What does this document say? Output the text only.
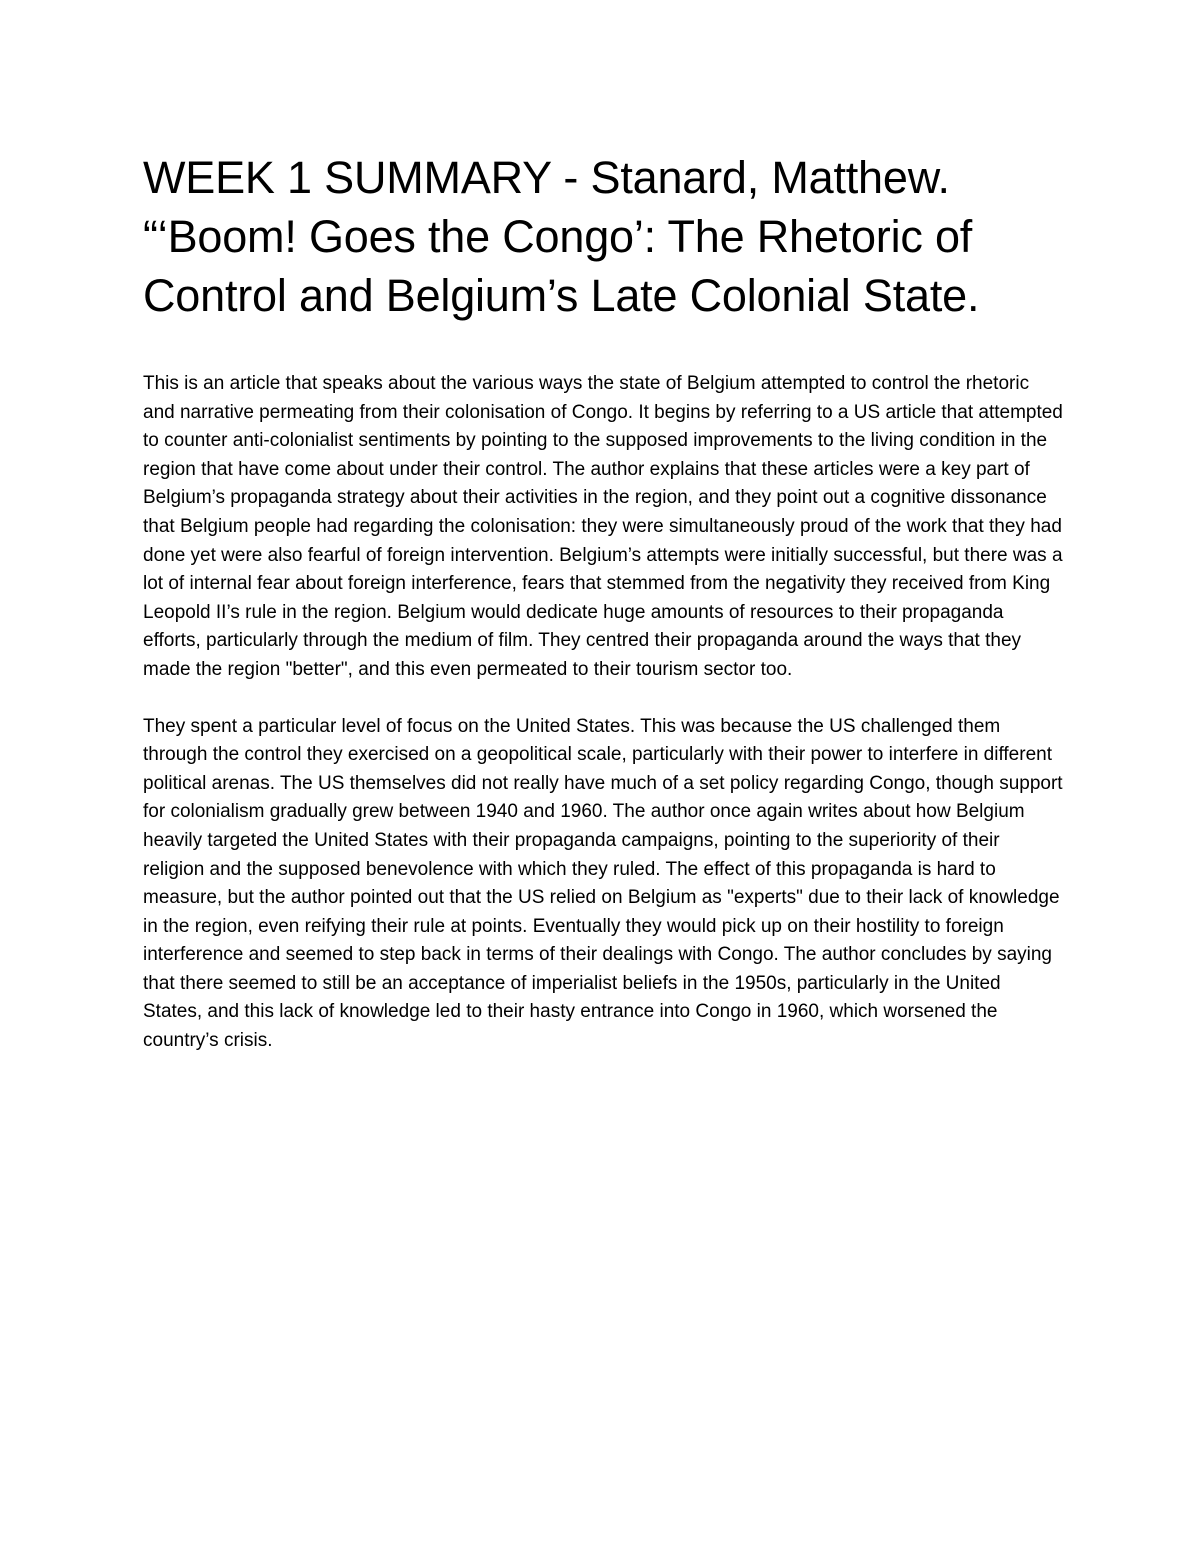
WEEK 1 SUMMARY - Stanard, Matthew. “‘Boom! Goes the Congo’: The Rhetoric of Control and Belgium’s Late Colonial State.

This is an article that speaks about the various ways the state of Belgium attempted to control the rhetoric and narrative permeating from their colonisation of Congo. It begins by referring to a US article that attempted to counter anti-colonialist sentiments by pointing to the supposed improvements to the living condition in the region that have come about under their control. The author explains that these articles were a key part of Belgium’s propaganda strategy about their activities in the region, and they point out a cognitive dissonance that Belgium people had regarding the colonisation: they were simultaneously proud of the work that they had done yet were also fearful of foreign intervention. Belgium’s attempts were initially successful, but there was a lot of internal fear about foreign interference, fears that stemmed from the negativity they received from King Leopold II’s rule in the region. Belgium would dedicate huge amounts of resources to their propaganda efforts, particularly through the medium of film. They centred their propaganda around the ways that they made the region "better", and this even permeated to their tourism sector too.

They spent a particular level of focus on the United States. This was because the US challenged them through the control they exercised on a geopolitical scale, particularly with their power to interfere in different political arenas. The US themselves did not really have much of a set policy regarding Congo, though support for colonialism gradually grew between 1940 and 1960. The author once again writes about how Belgium heavily targeted the United States with their propaganda campaigns, pointing to the superiority of their religion and the supposed benevolence with which they ruled. The effect of this propaganda is hard to measure, but the author pointed out that the US relied on Belgium as "experts" due to their lack of knowledge in the region, even reifying their rule at points. Eventually they would pick up on their hostility to foreign interference and seemed to step back in terms of their dealings with Congo. The author concludes by saying that there seemed to still be an acceptance of imperialist beliefs in the 1950s, particularly in the United States, and this lack of knowledge led to their hasty entrance into Congo in 1960, which worsened the country’s crisis.
